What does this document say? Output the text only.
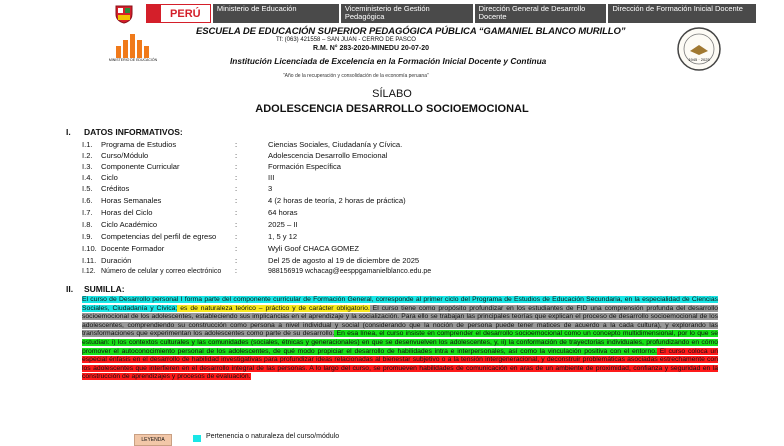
PERÚ	Ministerio de Educación	Viceministerio de Gestión Pedagógica
Dirección General de Desarrollo Docente
Dirección de Formación Inicial Docente
MINISTERIO DE EDUCACIÓN
ESCUELA DE EDUCACIÓN SUPERIOR PEDAGÓGICA PÚBLICA “GAMANIEL BLANCO MURILLO”
Tf: (063) 421558 – SAN JUAN - CERRO DE PASCO
R.M. N° 283-2020-MINEDU 20-07-20
Institución Licenciada de Excelencia en la Formación Inicial Docente y Continua
“Año de la recuperación y consolidación de la economía peruana”
1945 · 2025
SÍLABO
ADOLESCENCIA DESARROLLO SOCIOEMOCIONAL
I. DATOS INFORMATIVOS:
I.1.	Programa de Estudios	:	Ciencias Sociales, Ciudadanía y Cívica.
I.2.	Curso/Módulo	:	Adolescencia Desarrollo Emocional
I.3.	Componente Curricular	:	Formación Específica
I.4.	Ciclo	:	III
I.5.	Créditos	:	3
I.6.	Horas Semanales	:	4 (2 horas de teoría, 2 horas de práctica)
I.7.	Horas del Ciclo	:	64 horas
I.8.	Ciclo Académico	:	2025 – II
I.9.	Competencias del perfil de egreso	:	1, 5 y 12
I.10. Docente Formador	:	Wyli Goof CHACA GOMEZ
I.11. Duración	:	Del 25 de agosto al 19 de diciembre de 2025
I.12. Número de celular y correo electrónico	:	988156919 wchacag@eesppgamanielblanco.edu.pe
II. SUMILLA:
El curso de Desarrollo personal I forma parte del componente curricular de Formación General, corresponde al primer ciclo del Programa de Estudios de Educación Secundaria, en la especialidad de Ciencias Sociales, Ciudadanía y Cívica; es de naturaleza teórico – práctico y de carácter obligatorio. El curso tiene como propósito profundizar en los estudiantes de FID una comprensión profunda del desarrollo socioemocional de los adolescentes, estableciendo sus implicancias en el aprendizaje y la socialización. Para ello se trabajan las principales teorías que explican el proceso de desarrollo socioemocional de los adolescentes, comprendiendo su construcción como persona a nivel individual y social (considerando que la noción de persona puede tener matices de acuerdo a la cada cultura), y explorando las transformaciones que experimentan los adolescentes como parte de su desarrollo. En esa línea, el curso insiste en comprender el desarrollo socioemocional como un concepto multidimensional, por lo que se estudian: i) los contextos culturales y las comunidades (sociales, étnicas y generacionales) en que se desenvuelven los adolescentes, y, ii) la conformación de trayectorias individuales, profundizando en cómo promover el autoconocimiento personal de los adolescentes, de qué modo propiciar el desarrollo de habilidades intra e interpersonales, así como la vinculación positiva con el entorno. El curso coloca un especial énfasis en el desarrollo de habilidad investigativas para profundizar ideas relacionadas al bienestar subjetivo o a la tensión intergeneracional, y deconstruir problemáticas asociadas estrechamente con los adolescentes que interfieren en el desarrollo integral de las personas. A lo largo del curso, se promueven habilidades de comunicación en aras de un ambiente de proximidad, confianza y seguridad en la construcción de aprendizajes y procesos de evaluación.
LEYENDA	Pertenencia o naturaleza del curso/módulo
